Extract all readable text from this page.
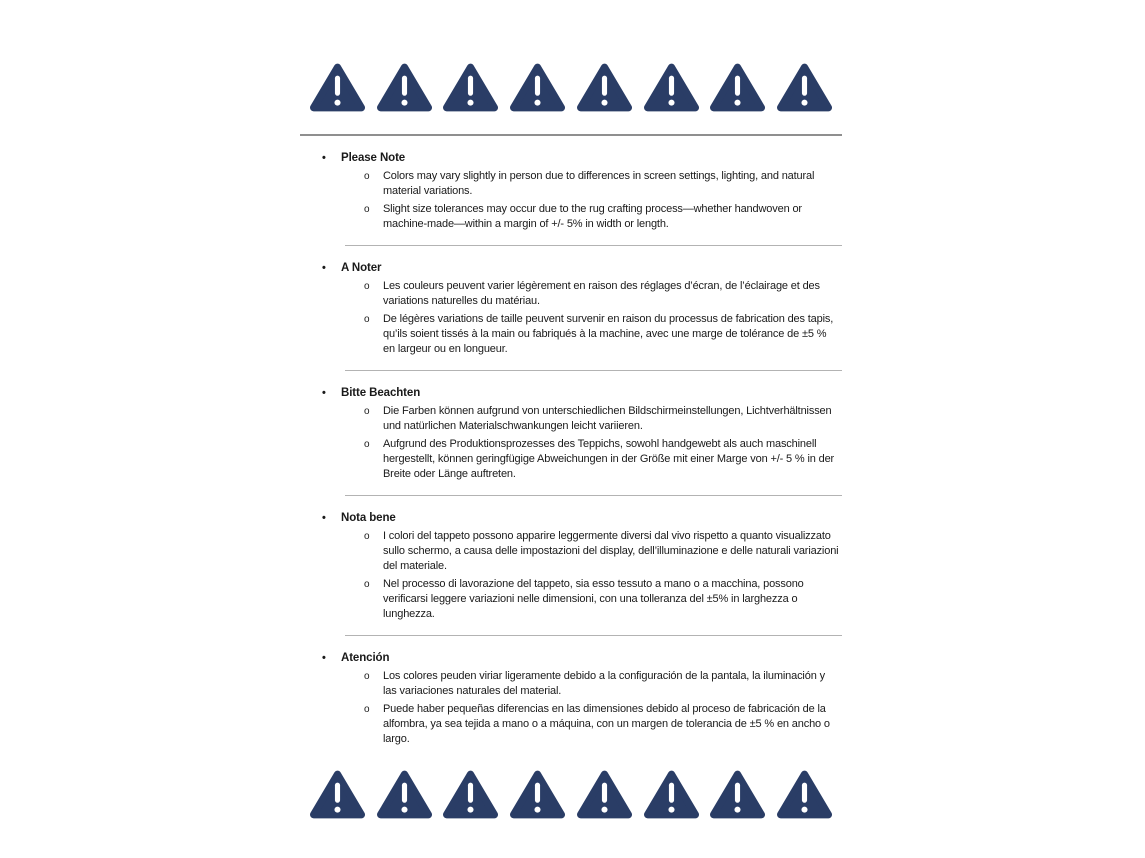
•	Please Note
o	Colors may vary slightly in person due to differences in screen settings, lighting, and natural material variations.

o	Slight size tolerances may occur due to the rug crafting process—whether handwoven or machine-made—within a margin of +/- 5% in width or length.

•	A Noter
o	Les couleurs peuvent varier légèrement en raison des réglages d’écran, de l’éclairage et des variations naturelles du matériau.

o	De légères variations de taille peuvent survenir en raison du processus de fabrication des tapis, qu’ils soient tissés à la main ou fabriqués à la machine, avec une marge de tolérance de ±5 % en largeur ou en longueur.

•	Bitte Beachten
o	Die Farben können aufgrund von unterschiedlichen Bildschirmeinstellungen, Lichtverhältnissen und natürlichen Materialschwankungen leicht variieren.

o	Aufgrund des Produktionsprozesses des Teppichs, sowohl handgewebt als auch maschinell hergestellt, können geringfügige Abweichungen in der Größe mit einer Marge von +/- 5 % in der Breite oder Länge auftreten.

•	Nota bene
o	I colori del tappeto possono apparire leggermente diversi dal vivo rispetto a quanto visualizzato sullo schermo, a causa delle impostazioni del display, dell’illuminazione e delle naturali variazioni del materiale.

o	Nel processo di lavorazione del tappeto, sia esso tessuto a mano o a macchina, possono verificarsi leggere variazioni nelle dimensioni, con una tolleranza del ±5% in larghezza o lunghezza.

•	Atención
o	Los colores peuden viriar ligeramente debido a la configuración de la pantala, la iluminación y las variaciones naturales del material.

o	Puede haber pequeñas diferencias en las dimensiones debido al proceso de fabricación de la alfombra, ya sea tejida a mano o a máquina, con un margen de tolerancia de ±5 % en ancho o largo.
